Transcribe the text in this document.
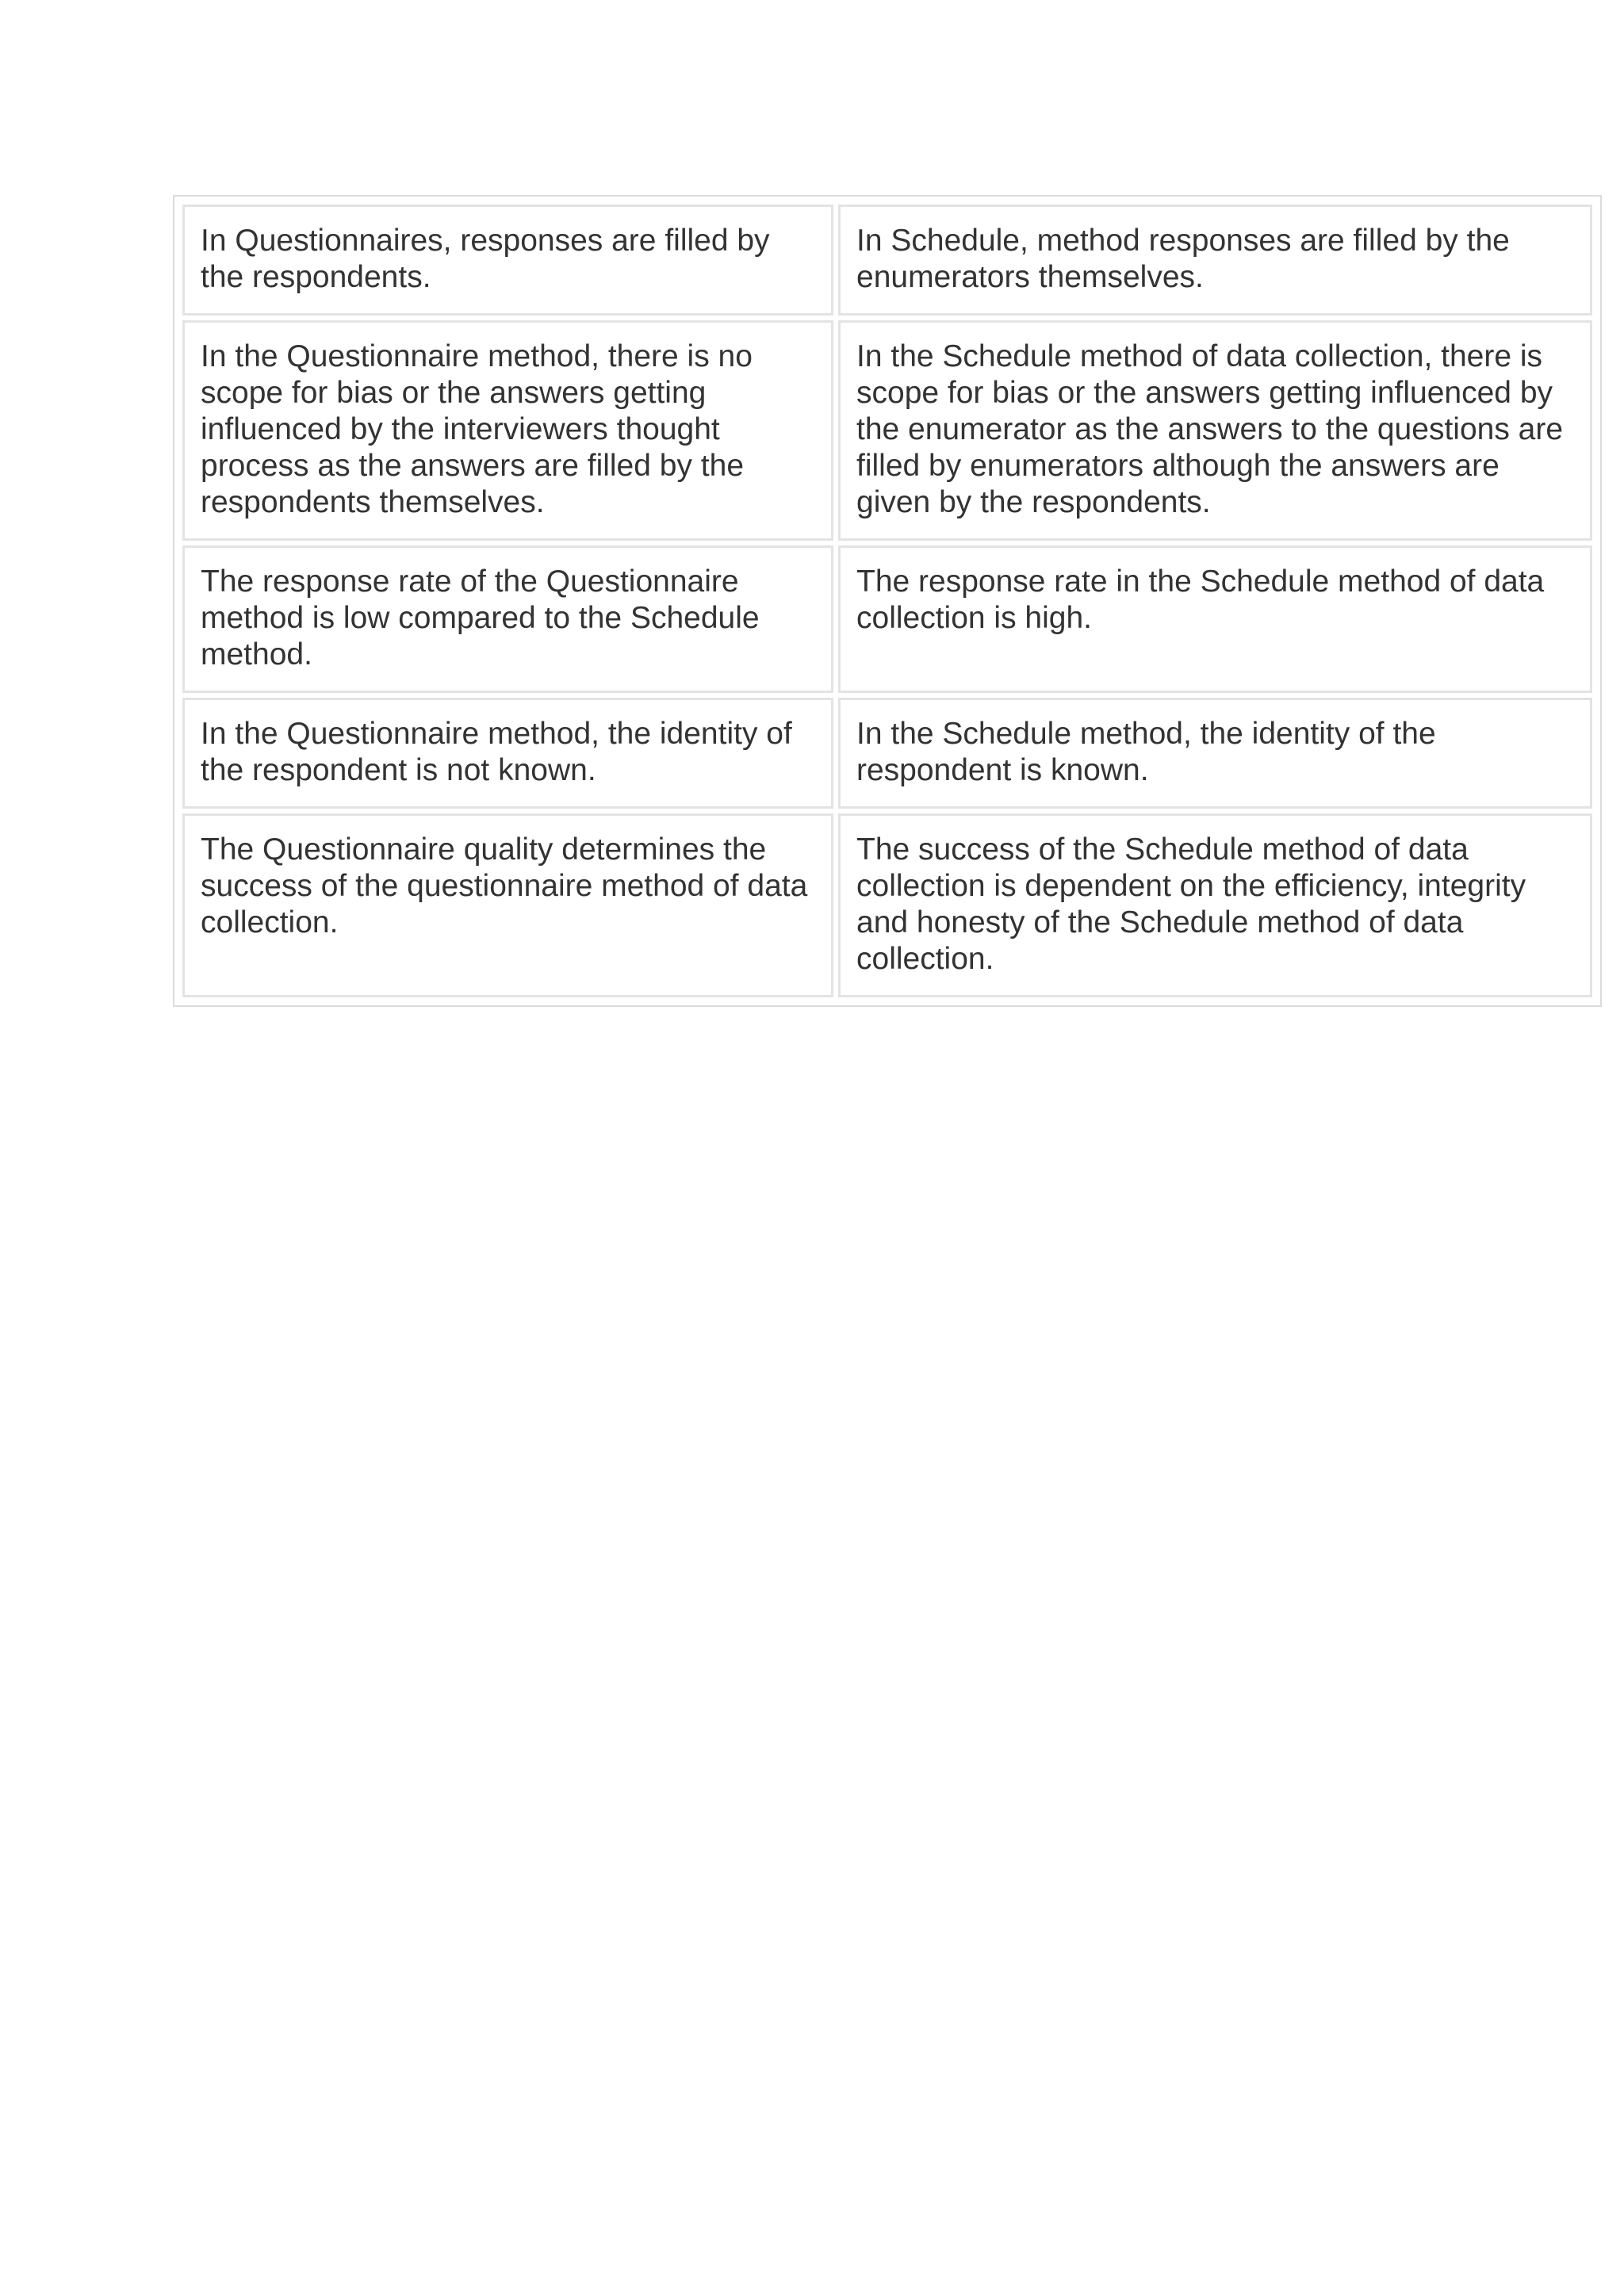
In Questionnaires, responses are filled by the respondents.	In Schedule, method responses are filled by the enumerators themselves.
In the Questionnaire method, there is no scope for bias or the answers getting influenced by the interviewers thought process as the answers are filled by the respondents themselves.	In the Schedule method of data collection, there is scope for bias or the answers getting influenced by the enumerator as the answers to the questions are filled by enumerators although the answers are given by the respondents.
The response rate of the Questionnaire method is low compared to the Schedule method.	The response rate in the Schedule method of data collection is high.
In the Questionnaire method, the identity of the respondent is not known.	In the Schedule method, the identity of the respondent is known.
The Questionnaire quality determines the success of the questionnaire method of data collection.	The success of the Schedule method of data collection is dependent on the efficiency, integrity and honesty of the Schedule method of data collection.
